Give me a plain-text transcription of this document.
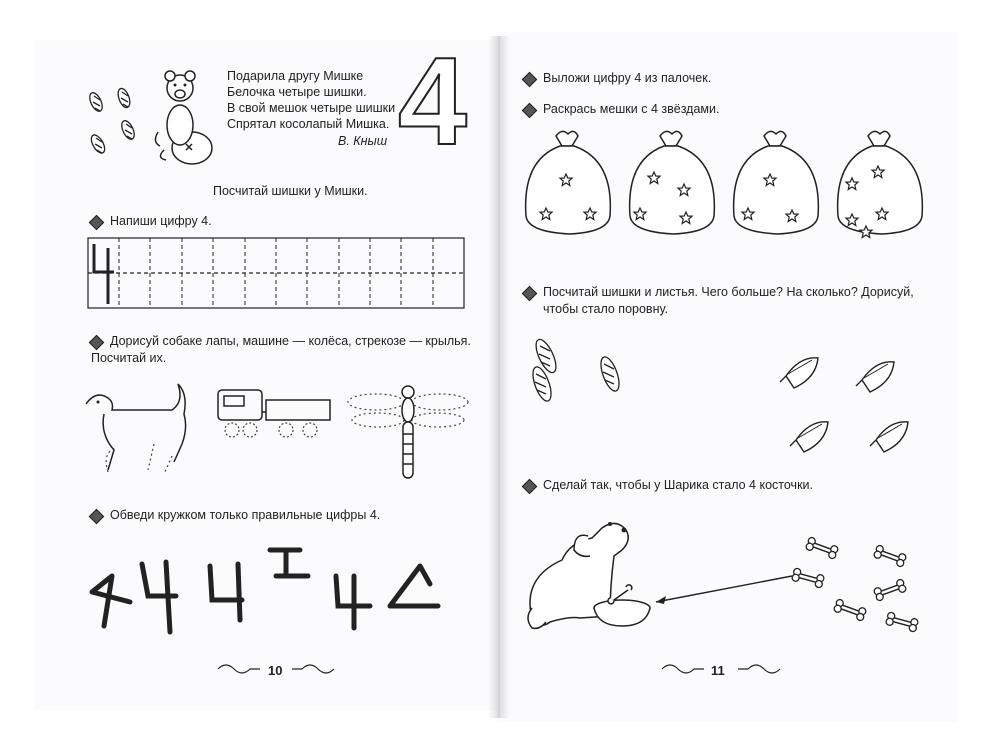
Подарила другу Мишке
Белочка четыре шишки.
В свой мешок четыре шишки
Спрятал косолапый Мишка.
В. Кныш 4
Посчитай шишки у Мишки.
Напиши цифру 4.
Дорисуй собаке лапы, машине — колёса, стрекозе — крылья.
Посчитай их.
Обведи кружком только правильные цифры 4.
10
Выложи цифру 4 из палочек.
Раскрась мешки с 4 звёздами.
Посчитай шишки и листья. Чего больше? На сколько? Дорисуй,
чтобы стало поровну.
Сделай так, чтобы у Шарика стало 4 косточки.
11
